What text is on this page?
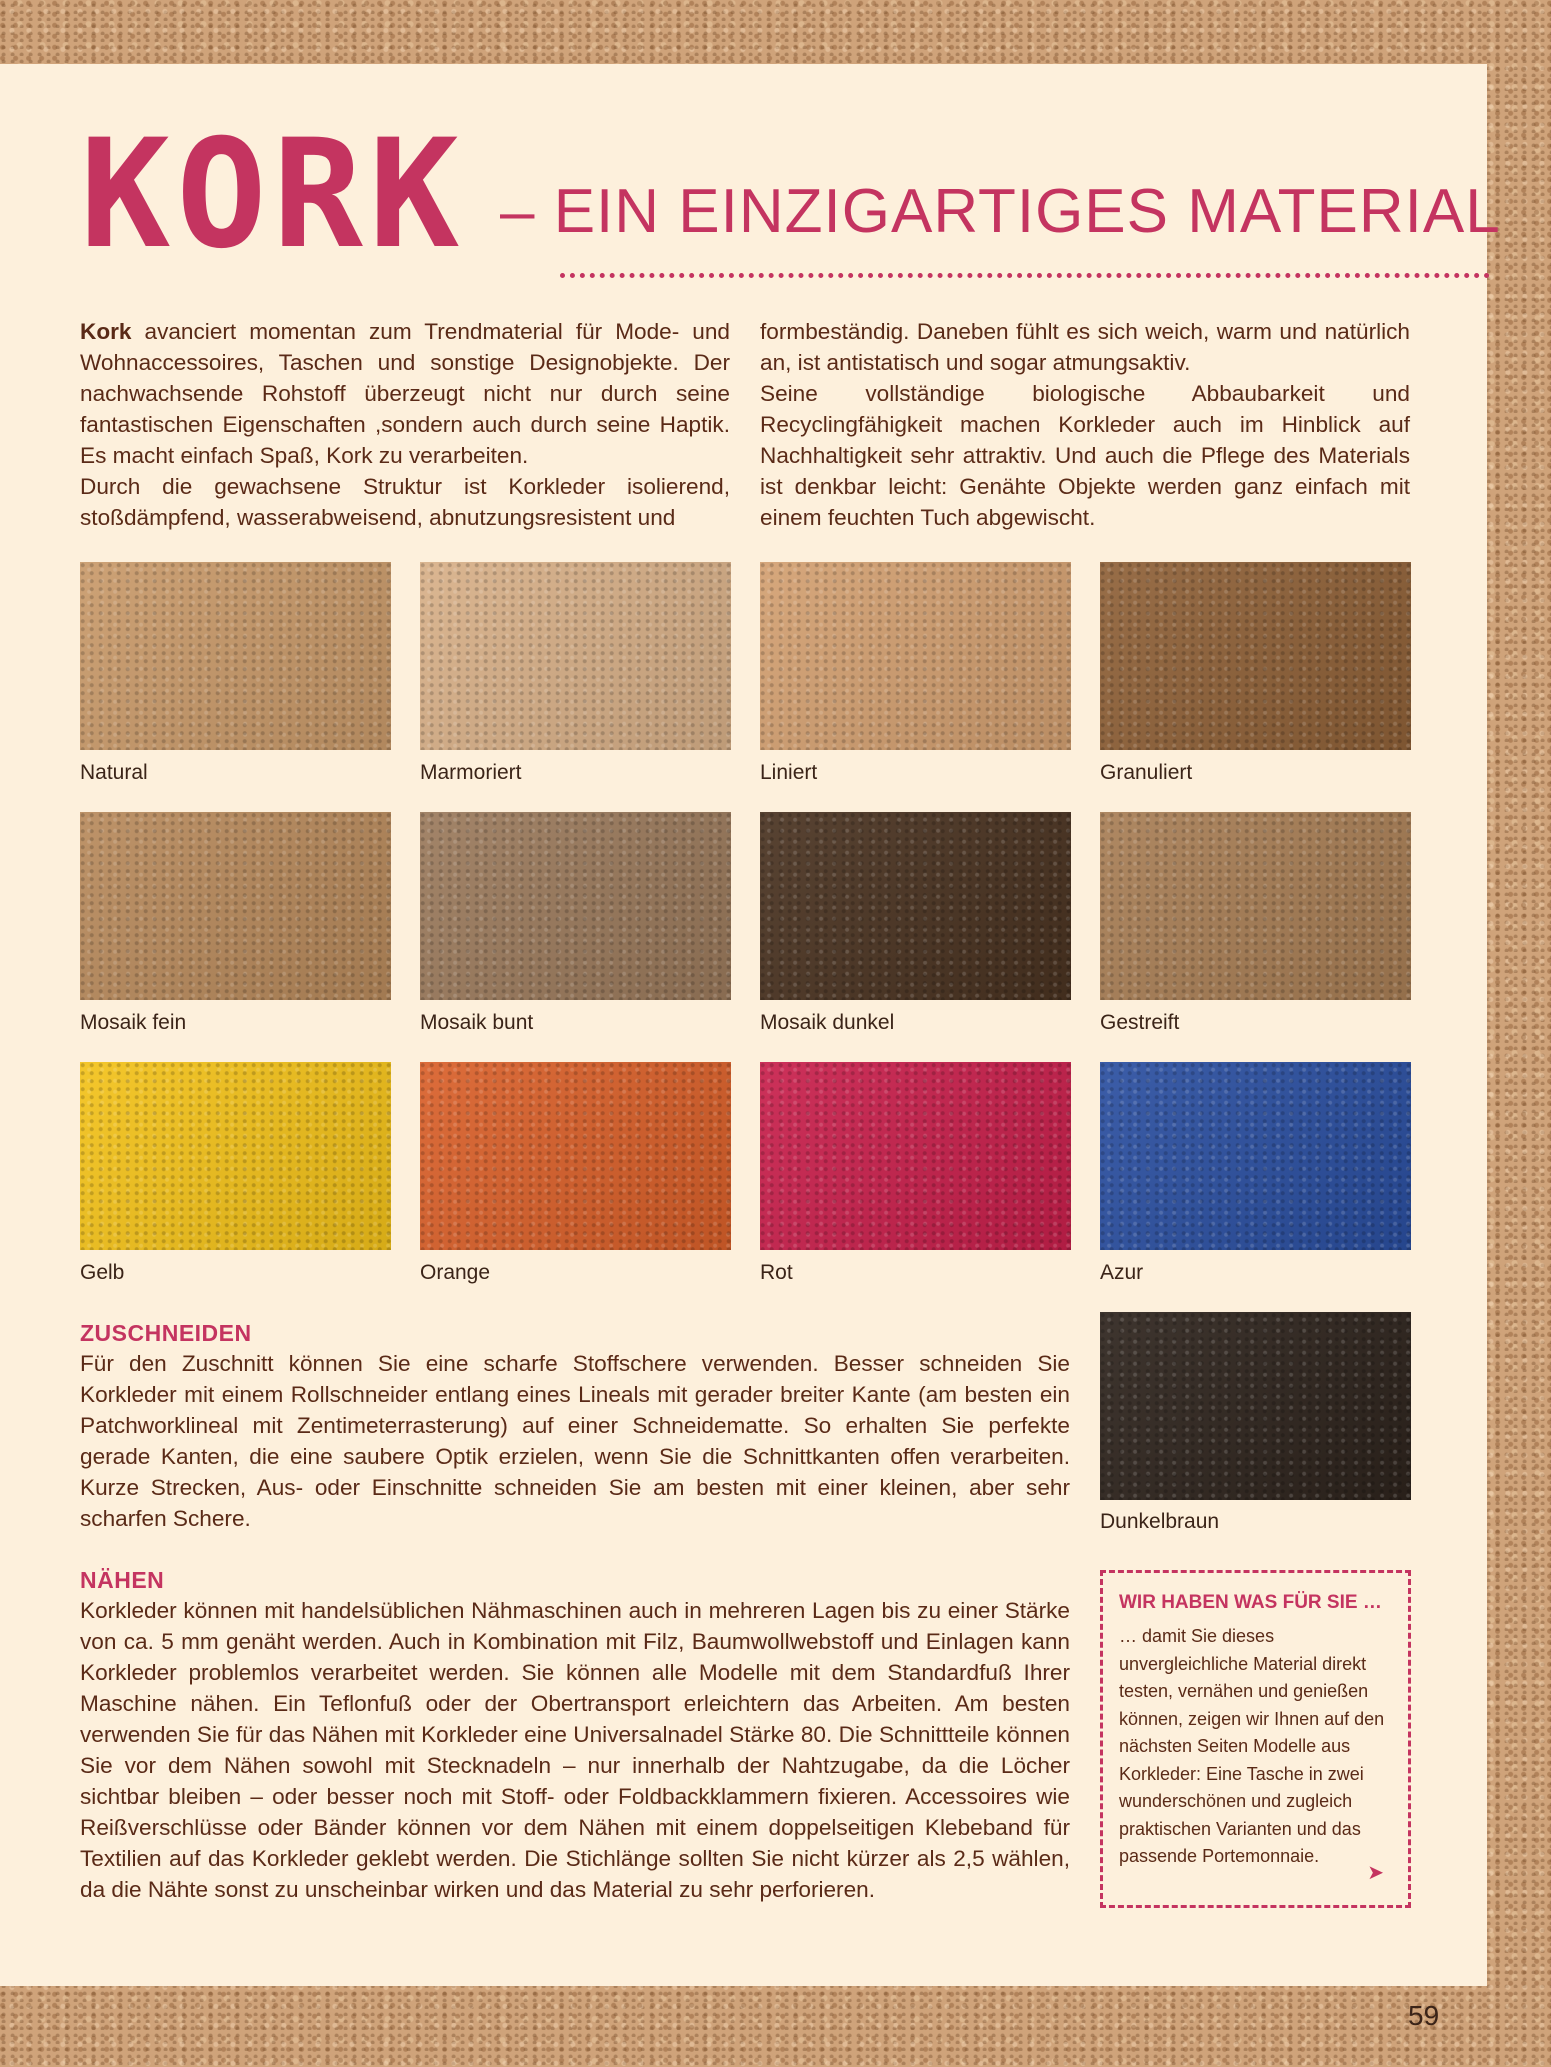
KORK – EIN EINZIGARTIGES MATERIAL

Kork avanciert momentan zum Trendmaterial für Mode- und Wohnaccessoires, Taschen und sonstige Designobjekte. Der nachwachsende Rohstoff überzeugt nicht nur durch seine fantastischen Eigenschaften ,sondern auch durch seine Haptik. Es macht einfach Spaß, Kork zu verarbeiten.

Durch die gewachsene Struktur ist Korkleder isolierend, stoßdämpfend, wasserabweisend, abnutzungsresistent und

formbeständig. Daneben fühlt es sich weich, warm und natürlich an, ist antistatisch und sogar atmungsaktiv.

Seine vollständige biologische Abbaubarkeit und Recyclingfähigkeit machen Korkleder auch im Hinblick auf Nachhaltigkeit sehr attraktiv. Und auch die Pflege des Materials ist denkbar leicht: Genähte Objekte werden ganz einfach mit einem feuchten Tuch abgewischt.

Natural	Marmoriert	Liniert	Granuliert
Mosaik fein	Mosaik bunt	Mosaik dunkel	Gestreift
Gelb	Orange	Rot	Azur
Dunkelbraun
ZUSCHNEIDEN

Für den Zuschnitt können Sie eine scharfe Stoffschere verwenden. Besser schneiden Sie Korkleder mit einem Rollschneider entlang eines Lineals mit gerader breiter Kante (am besten ein Patchworklineal mit Zentimeterrasterung) auf einer Schneidematte. So erhalten Sie perfekte gerade Kanten, die eine saubere Optik erzielen, wenn Sie die Schnittkanten offen verarbeiten. Kurze Strecken, Aus- oder Einschnitte schneiden Sie am besten mit einer kleinen, aber sehr scharfen Schere.

NÄHEN

Korkleder können mit handelsüblichen Nähmaschinen auch in mehreren Lagen bis zu einer Stärke von ca. 5 mm genäht werden. Auch in Kombination mit Filz, Baumwollwebstoff und Einlagen kann Korkleder problemlos verarbeitet werden. Sie können alle Modelle mit dem Standardfuß Ihrer Maschine nähen. Ein Teflonfuß oder der Obertransport erleichtern das Arbeiten. Am besten verwenden Sie für das Nähen mit Korkleder eine Universalnadel Stärke 80. Die Schnittteile können Sie vor dem Nähen sowohl mit Stecknadeln – nur innerhalb der Nahtzugabe, da die Löcher sichtbar bleiben – oder besser noch mit Stoff- oder Foldbackklammern fixieren. Accessoires wie Reißverschlüsse oder Bänder können vor dem Nähen mit einem doppelseitigen Klebeband für Textilien auf das Korkleder geklebt werden. Die Stichlänge sollten Sie nicht kürzer als 2,5 wählen, da die Nähte sonst zu unscheinbar wirken und das Material zu sehr perforieren.

WIR HABEN WAS FÜR SIE …

… damit Sie dieses unvergleichliche Material direkt testen, vernähen und genießen können, zeigen wir Ihnen auf den nächsten Seiten Modelle aus Korkleder: Eine Tasche in zwei wunderschönen und zugleich praktischen Varianten und das passende Portemonnaie.

➤
59
